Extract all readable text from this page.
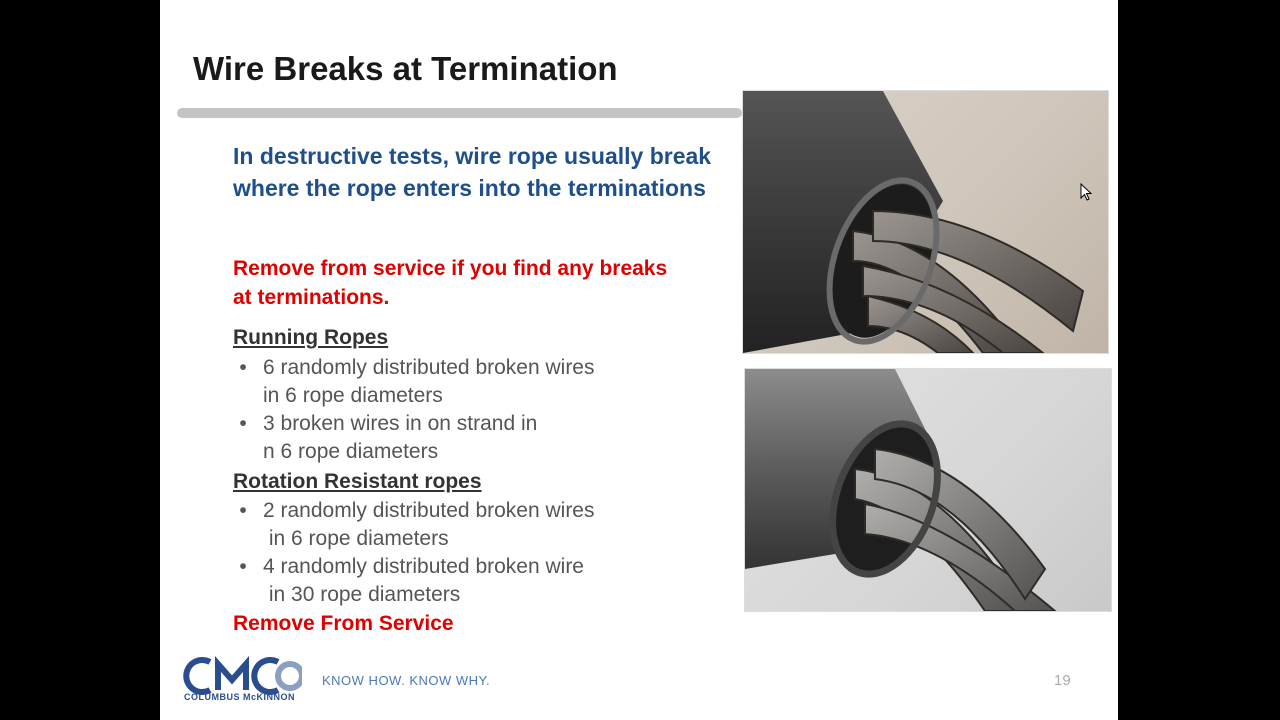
Wire Breaks at Termination
In destructive tests, wire rope usually break where the rope enters into the terminations
Remove from service if you find any breaks at terminations.
Running Ropes
• 6 randomly distributed broken wires
in 6 rope diameters
• 3 broken wires in on strand in
n 6 rope diameters
Rotation Resistant ropes
• 2 randomly distributed broken wires
in 6 rope diameters
• 4 randomly distributed broken wire
in 30 rope diameters
Remove From Service
COLUMBUS McKINNON
KNOW HOW. KNOW WHY.	19
